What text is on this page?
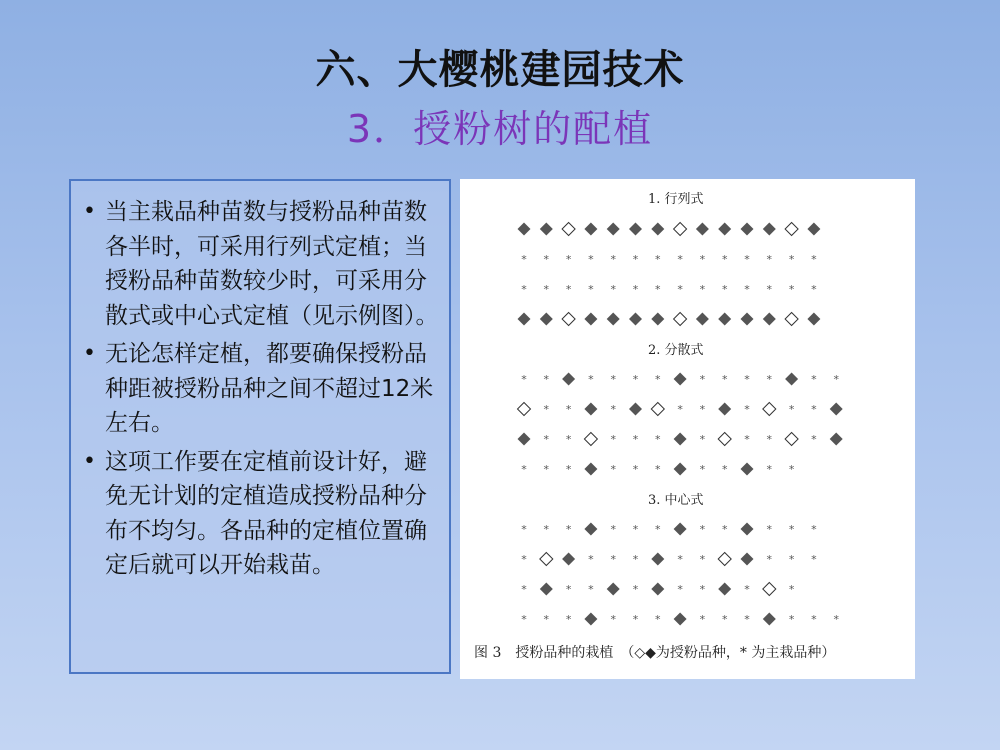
六、大樱桃建园技术
3．授粉树的配植
• 当主栽品种苗数与授粉品种苗数各半时，可采用行列式定植；当授粉品种苗数较少时，可采用分散式或中心式定植（见示例图）。
• 无论怎样定植，都要确保授粉品种距被授粉品种之间不超过12米左右。
• 这项工作要在定植前设计好，避免无计划的定植造成授粉品种分布不均匀。各品种的定植位置确定后就可以开始栽苗。
1. 行列式
* * * * * * * * * * * * * *
* * * * * * * * * * * * * *
2. 分散式
* *	* * * *	* * * *	* *
* *	*	* *	*	* *
* *	* * *	*	* *	*
* * *	* * *	* *	* *
3. 中心式
* * *	* * *	* *	* * *
*	* * *	* *	* * *
*	* *	*	* *	*	*
* * *	* * *	* * *	* * *
图 3　授粉品种的栽植　（◇◆为授粉品种，* 为主栽品种）
